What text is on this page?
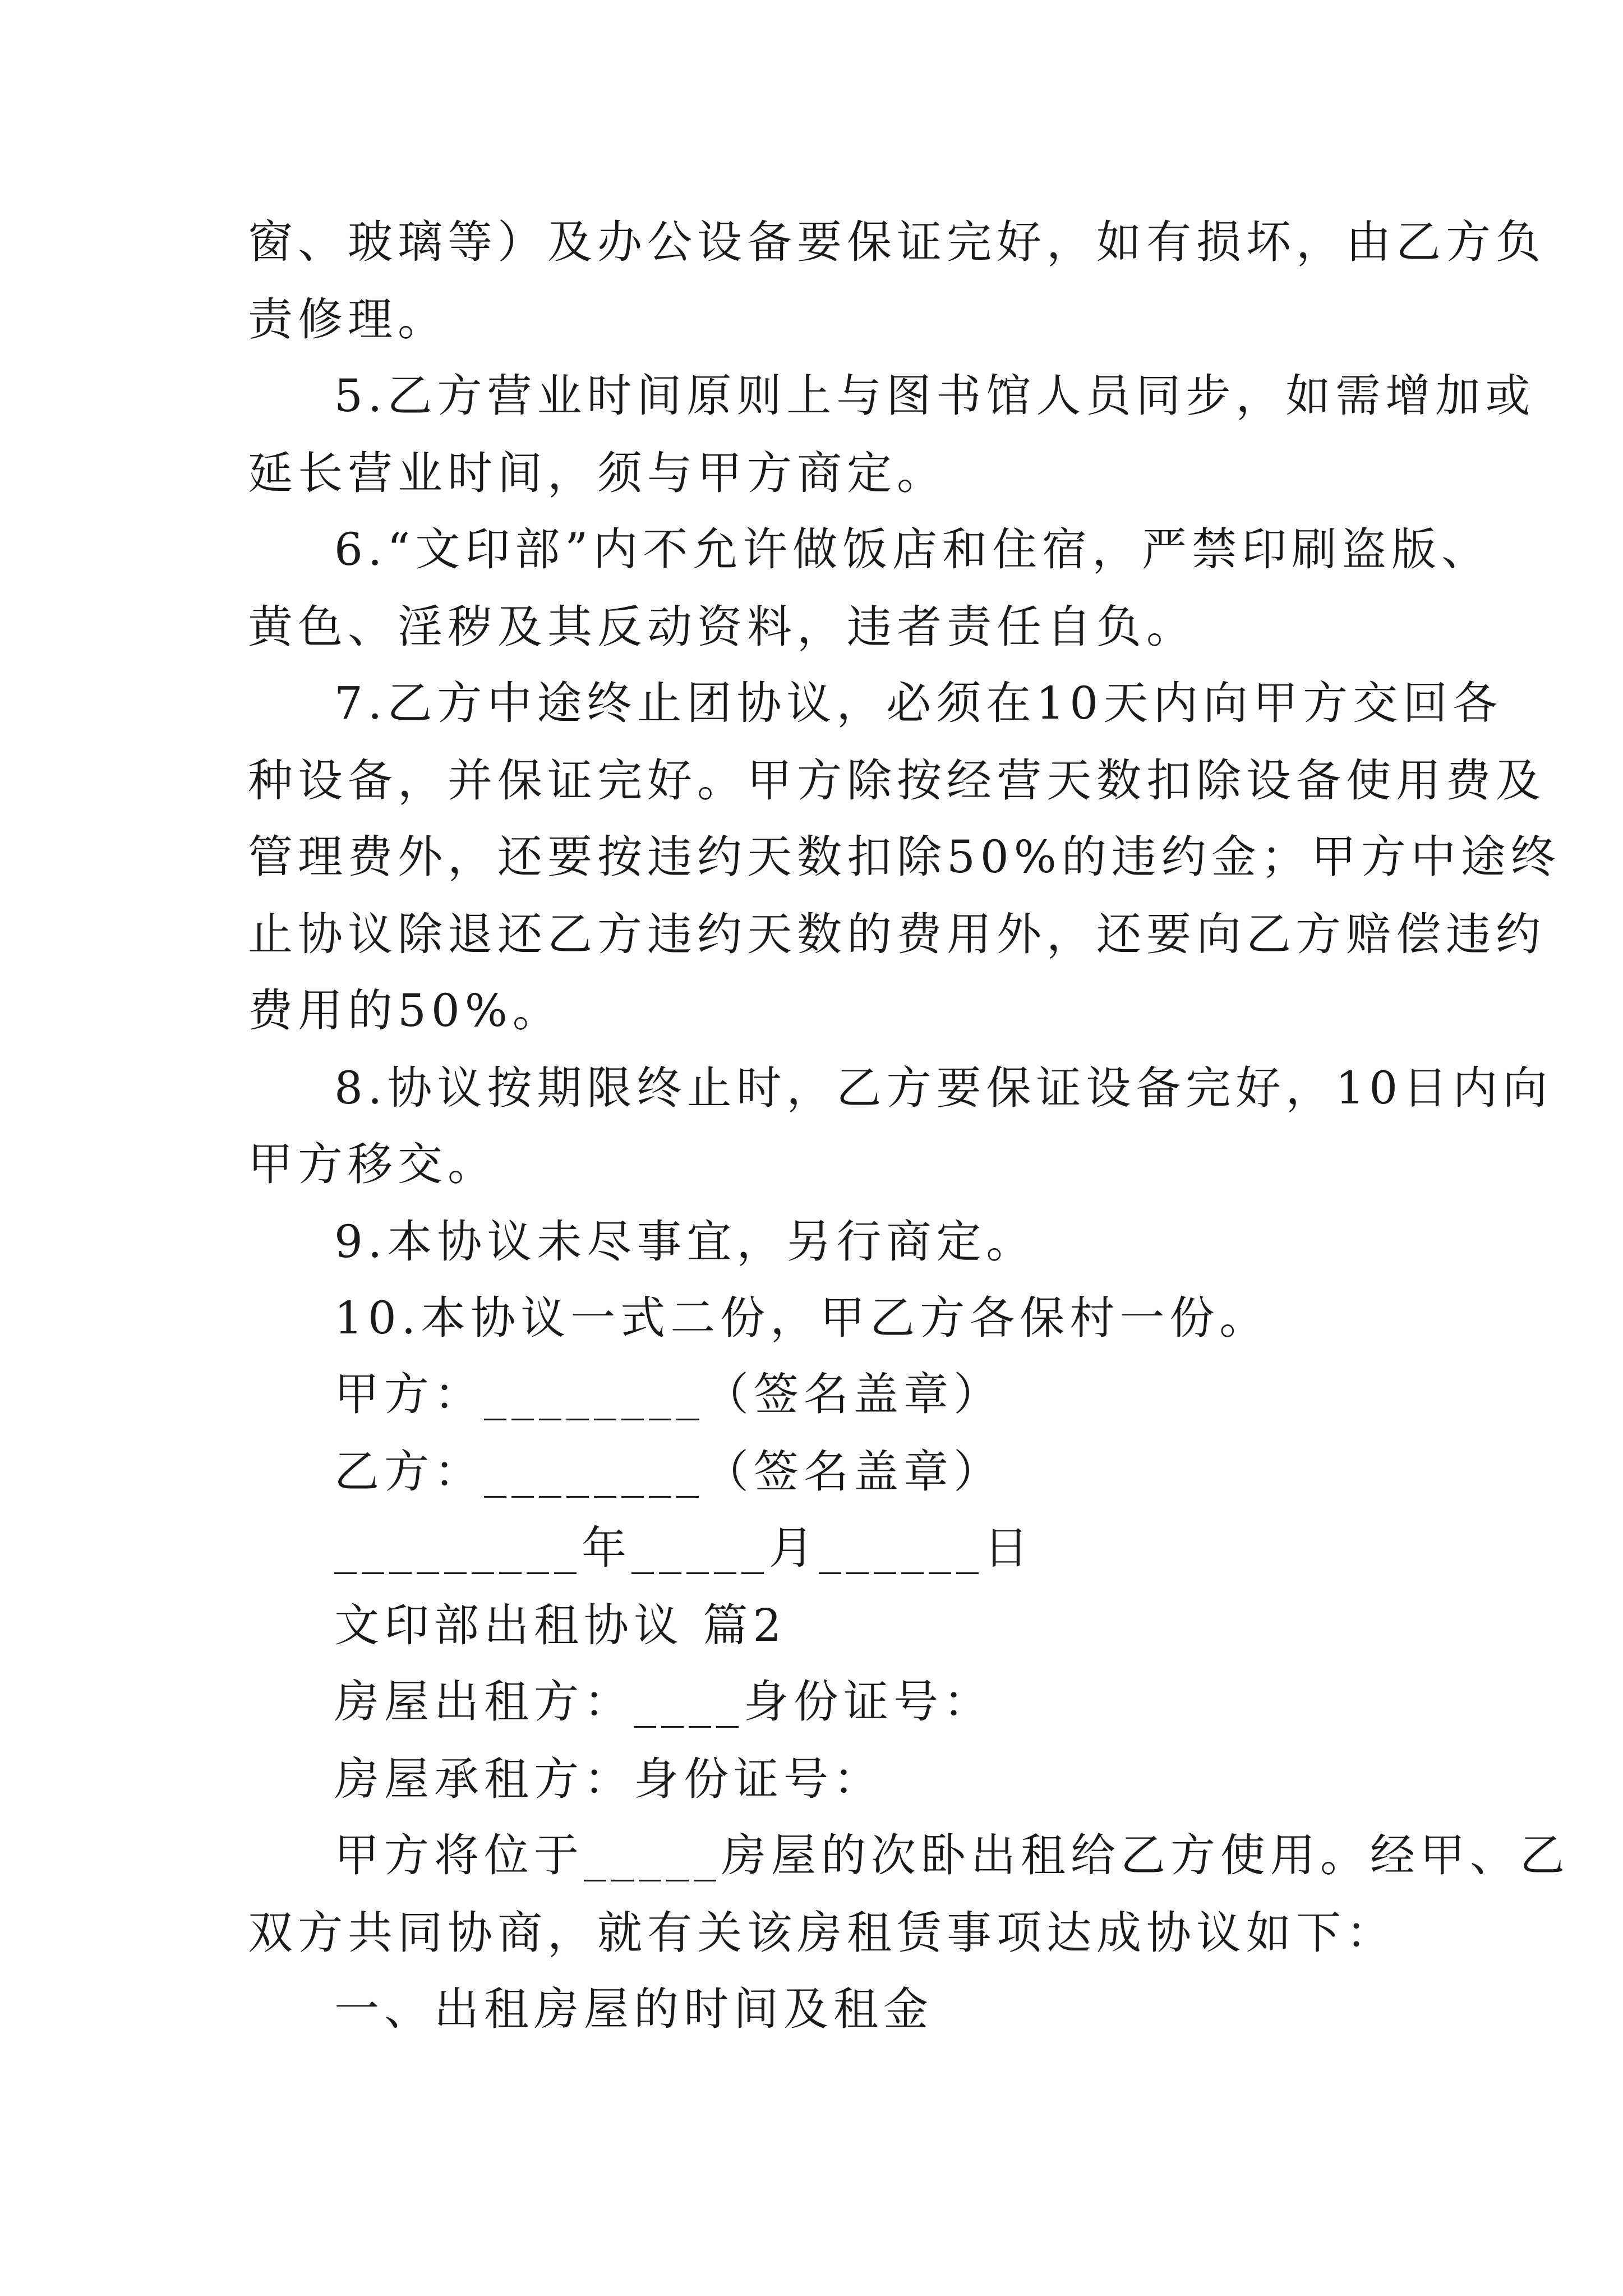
窗、玻璃等）及办公设备要保证完好，如有损坏，由乙方负
责修理。
5.乙方营业时间原则上与图书馆人员同步，如需增加或
延长营业时间，须与甲方商定。
6.“文印部”内不允许做饭店和住宿，严禁印刷盗版、
黄色、淫秽及其反动资料，违者责任自负。
7.乙方中途终止团协议，必须在10天内向甲方交回各
种设备，并保证完好。甲方除按经营天数扣除设备使用费及
管理费外，还要按违约天数扣除50%的违约金；甲方中途终
止协议除退还乙方违约天数的费用外，还要向乙方赔偿违约
费用的50%。
8.协议按期限终止时，乙方要保证设备完好，10日内向
甲方移交。
9.本协议未尽事宜，另行商定。
10.本协议一式二份，甲乙方各保村一份。
甲方：________（签名盖章）
乙方：________（签名盖章）
_________年_____月______日
文印部出租协议 篇2
房屋出租方：____身份证号：
房屋承租方：身份证号：
甲方将位于_____房屋的次卧出租给乙方使用。经甲、乙
双方共同协商，就有关该房租赁事项达成协议如下：
一、出租房屋的时间及租金
